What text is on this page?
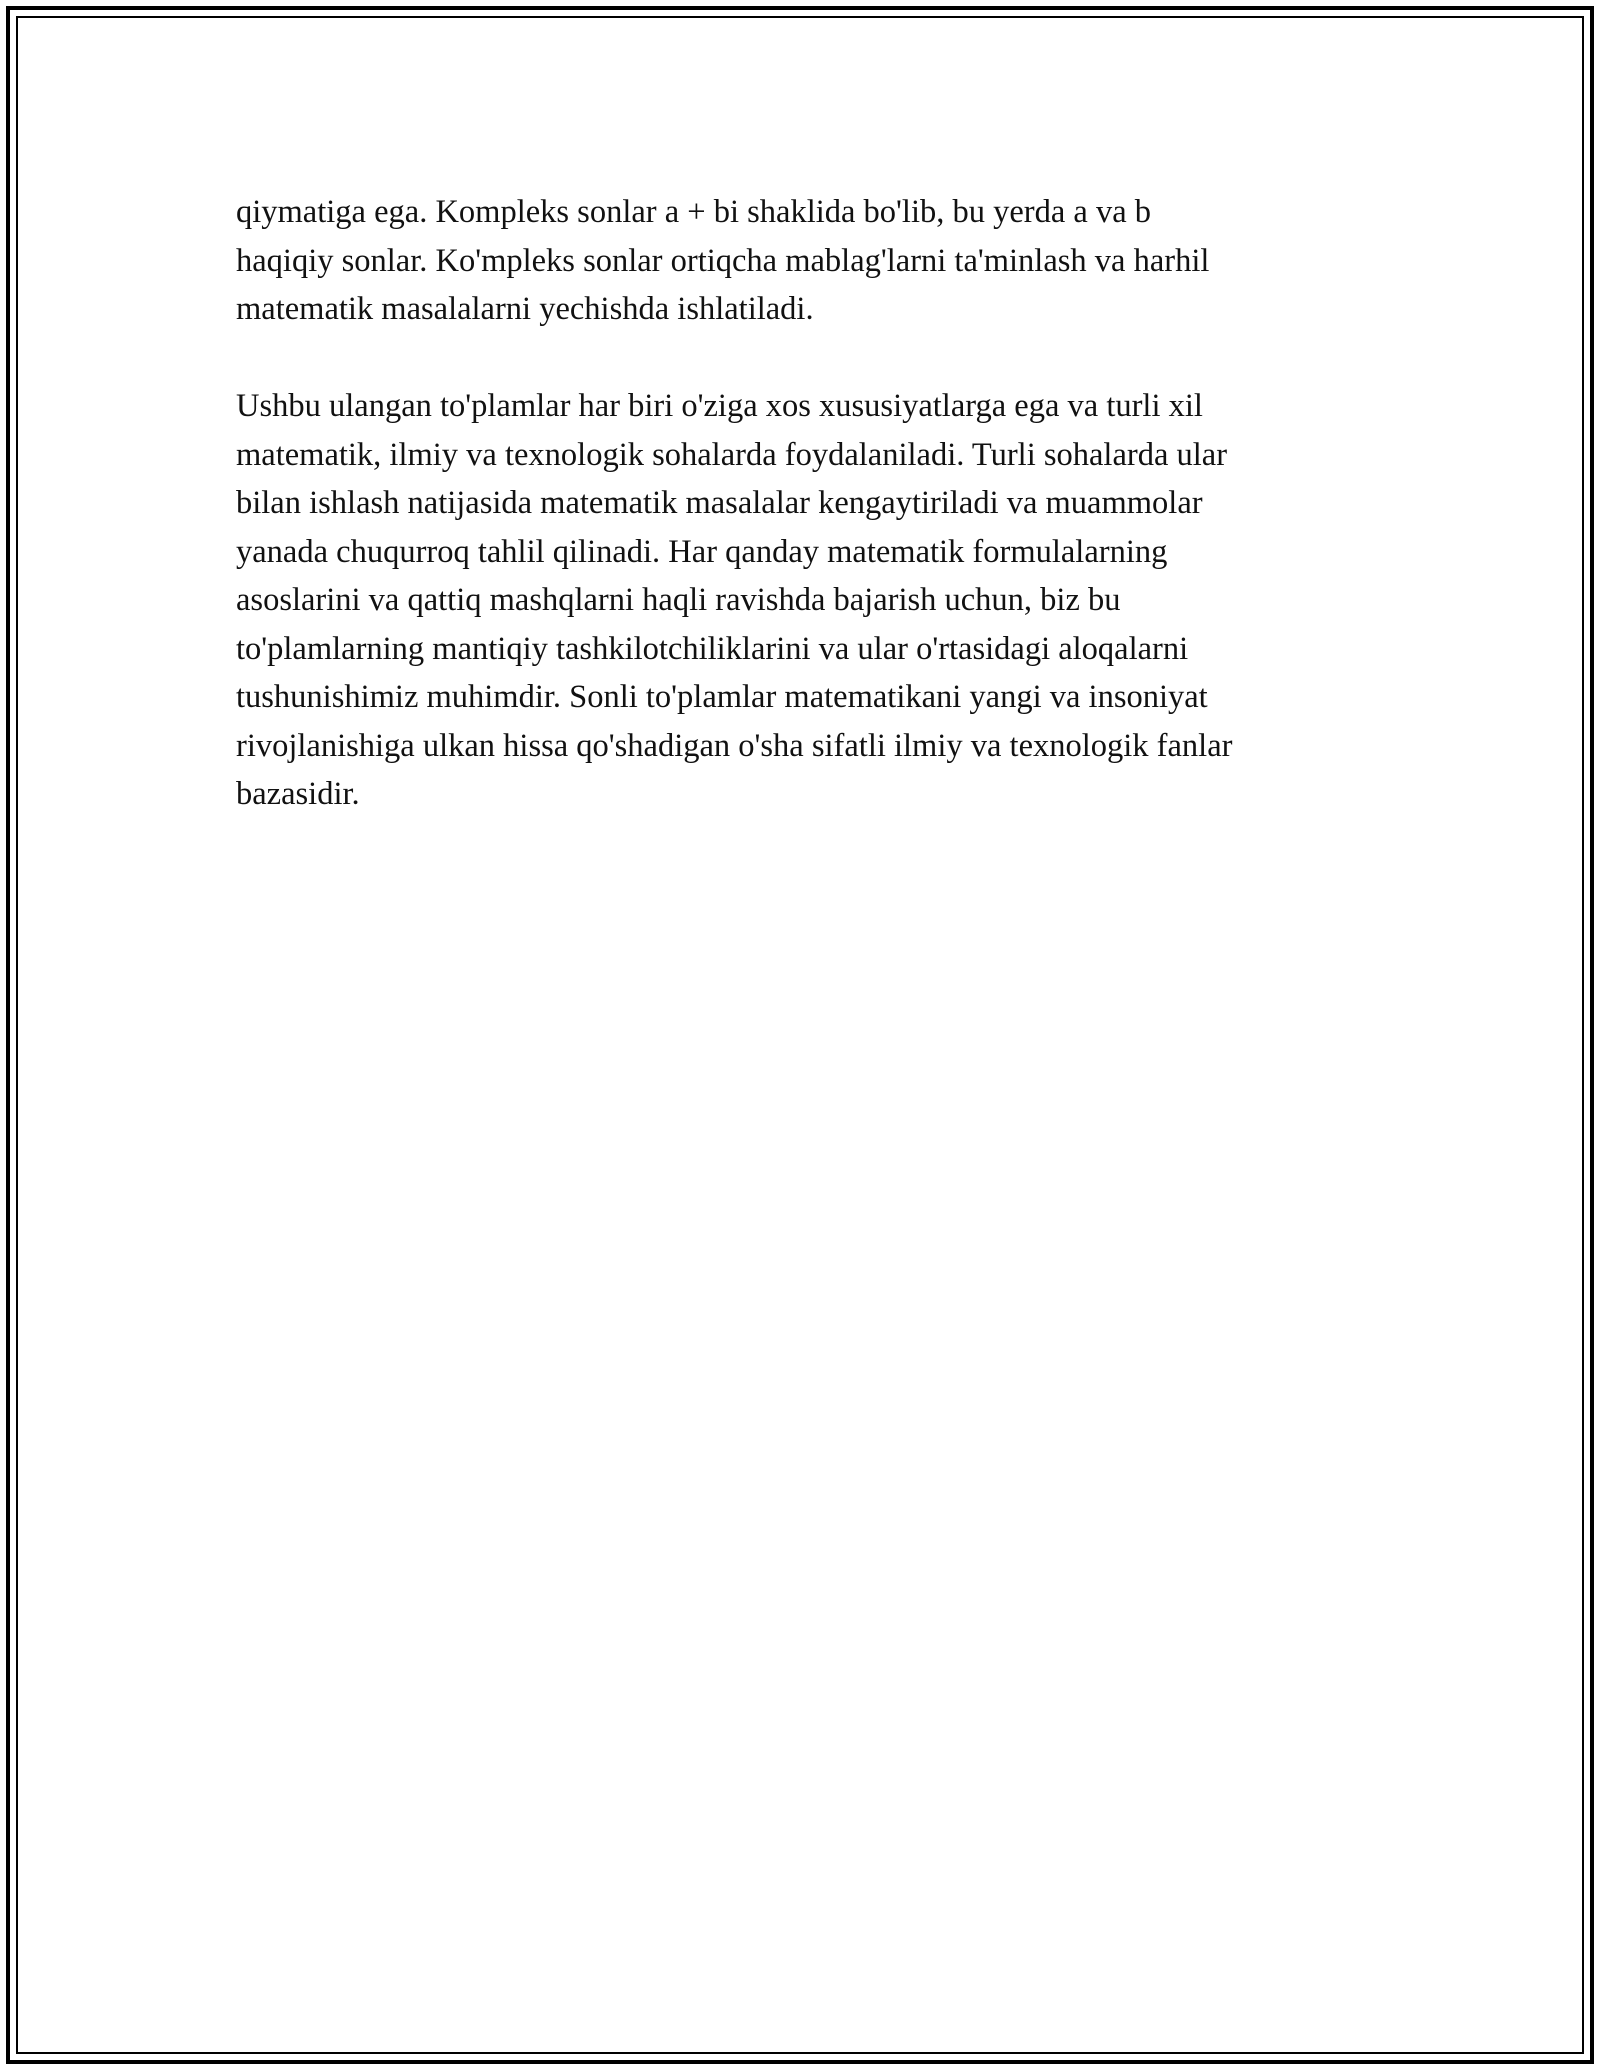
qiymatiga ega. Kompleks sonlar a + bi shaklida bo'lib, bu yerda a va b
haqiqiy sonlar. Ko'mpleks sonlar ortiqcha mablag'larni ta'minlash va harhil
matematik masalalarni yechishda ishlatiladi.

Ushbu ulangan to'plamlar har biri o'ziga xos xususiyatlarga ega va turli xil
matematik, ilmiy va texnologik sohalarda foydalaniladi. Turli sohalarda ular
bilan ishlash natijasida matematik masalalar kengaytiriladi va muammolar
yanada chuqurroq tahlil qilinadi. Har qanday matematik formulalarning
asoslarini va qattiq mashqlarni haqli ravishda bajarish uchun, biz bu
to'plamlarning mantiqiy tashkilotchiliklarini va ular o'rtasidagi aloqalarni
tushunishimiz muhimdir. Sonli to'plamlar matematikani yangi va insoniyat
rivojlanishiga ulkan hissa qo'shadigan o'sha sifatli ilmiy va texnologik fanlar
bazasidir.
